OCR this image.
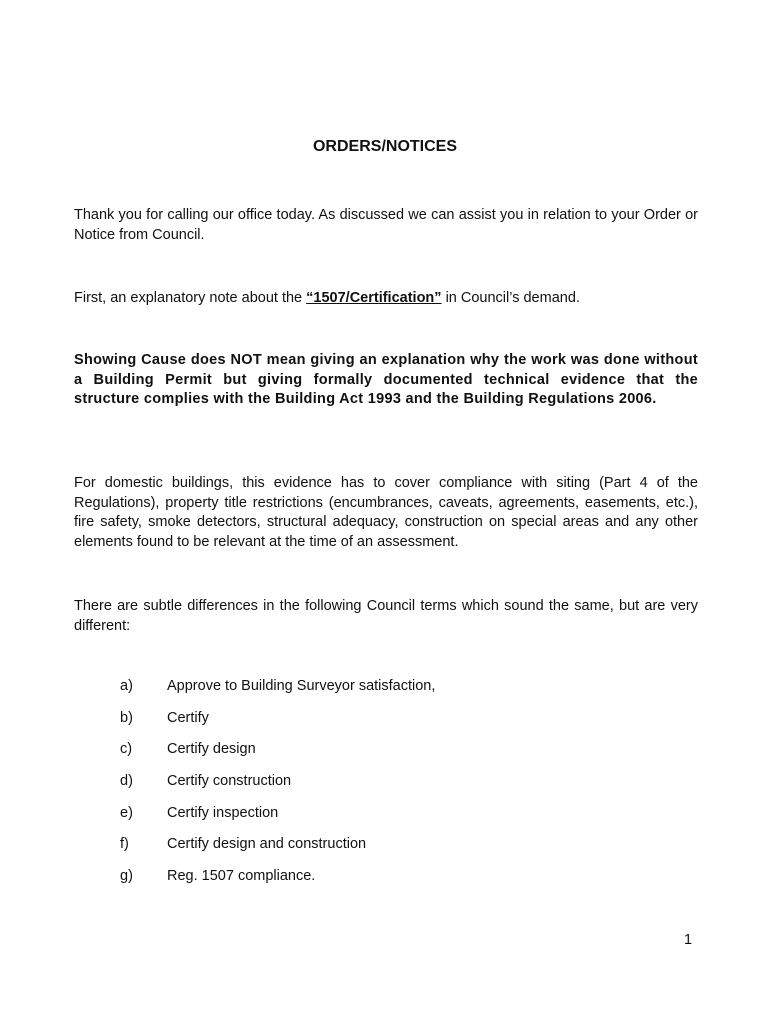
ORDERS/NOTICES

Thank you for calling our office today. As discussed we can assist you in relation to your Order or Notice from Council.

First, an explanatory note about the “1507/Certification” in Council’s demand.

Showing Cause does NOT mean giving an explanation why the work was done without a Building Permit but giving formally documented technical evidence that the structure complies with the Building Act 1993 and the Building Regulations 2006.

For domestic buildings, this evidence has to cover compliance with siting (Part 4 of the Regulations), property title restrictions (encumbrances, caveats, agreements, easements, etc.), fire safety, smoke detectors, structural adequacy, construction on special areas and any other elements found to be relevant at the time of an assessment.

There are subtle differences in the following Council terms which sound the same, but are very different:

a) Approve to Building Surveyor satisfaction,
b) Certify
c) Certify design
d) Certify construction
e) Certify inspection
f)	Certify design and construction
g) Reg. 1507 compliance.
1
